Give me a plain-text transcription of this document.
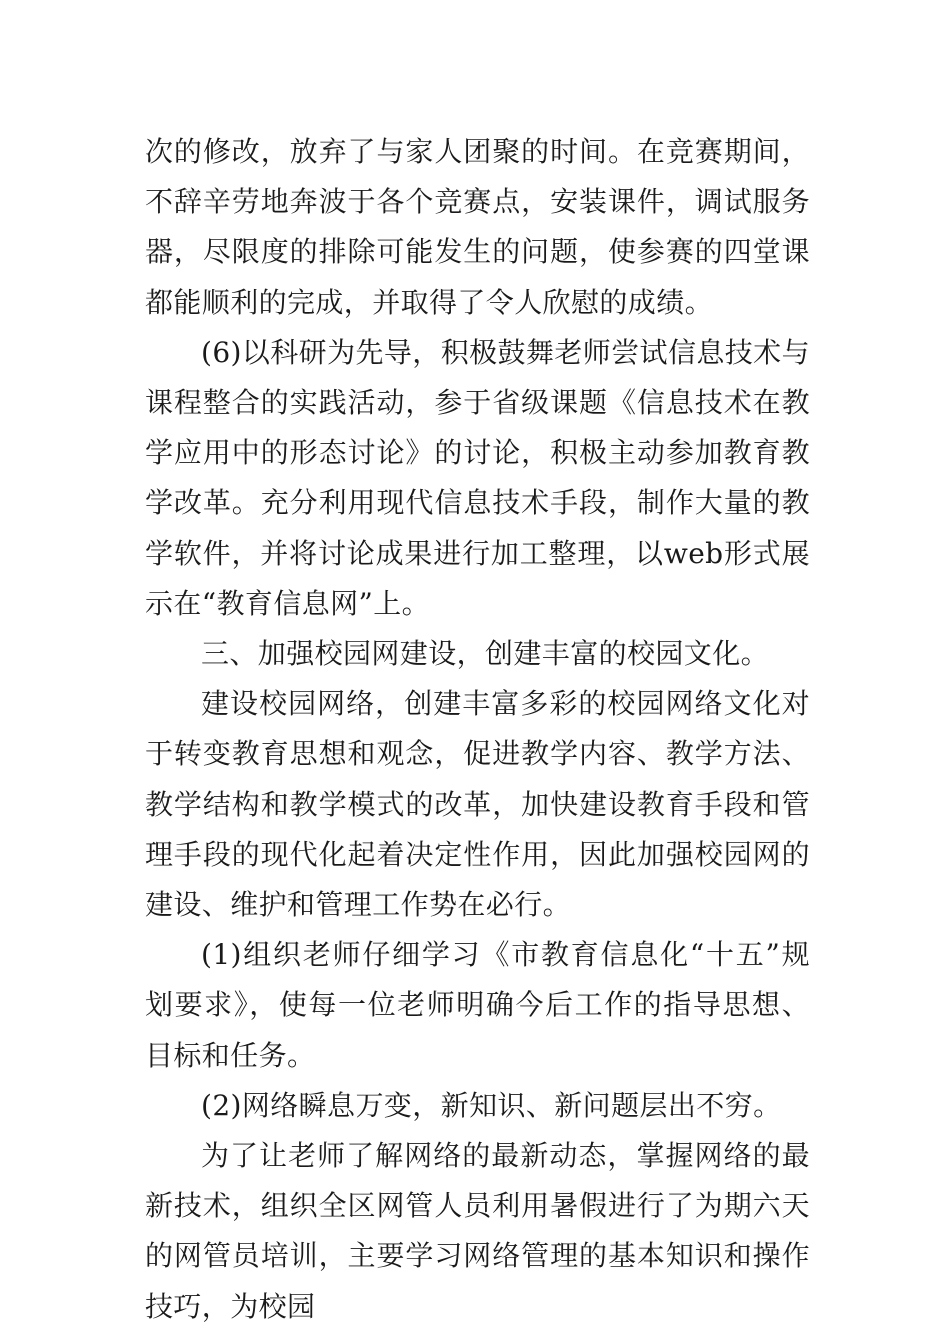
次的修改，放弃了与家人团聚的时间。在竞赛期间，不辞辛劳地奔波于各个竞赛点，安装课件，调试服务器，尽限度的排除可能发生的问题，使参赛的四堂课都能顺利的完成，并取得了令人欣慰的成绩。

(6)以科研为先导，积极鼓舞老师尝试信息技术与课程整合的实践活动，参于省级课题《信息技术在教学应用中的形态讨论》的讨论，积极主动参加教育教学改革。充分利用现代信息技术手段，制作大量的教学软件，并将讨论成果进行加工整理，以web形式展示在“教育信息网”上。

三、加强校园网建设，创建丰富的校园文化。

建设校园网络，创建丰富多彩的校园网络文化对于转变教育思想和观念，促进教学内容、教学方法、教学结构和教学模式的改革，加快建设教育手段和管理手段的现代化起着决定性作用，因此加强校园网的建设、维护和管理工作势在必行。

(1)组织老师仔细学习《市教育信息化“十五”规划要求》，使每一位老师明确今后工作的指导思想、目标和任务。

(2)网络瞬息万变，新知识、新问题层出不穷。

为了让老师了解网络的最新动态，掌握网络的最新技术，组织全区网管人员利用暑假进行了为期六天的网管员培训，主要学习网络管理的基本知识和操作技巧，为校园
